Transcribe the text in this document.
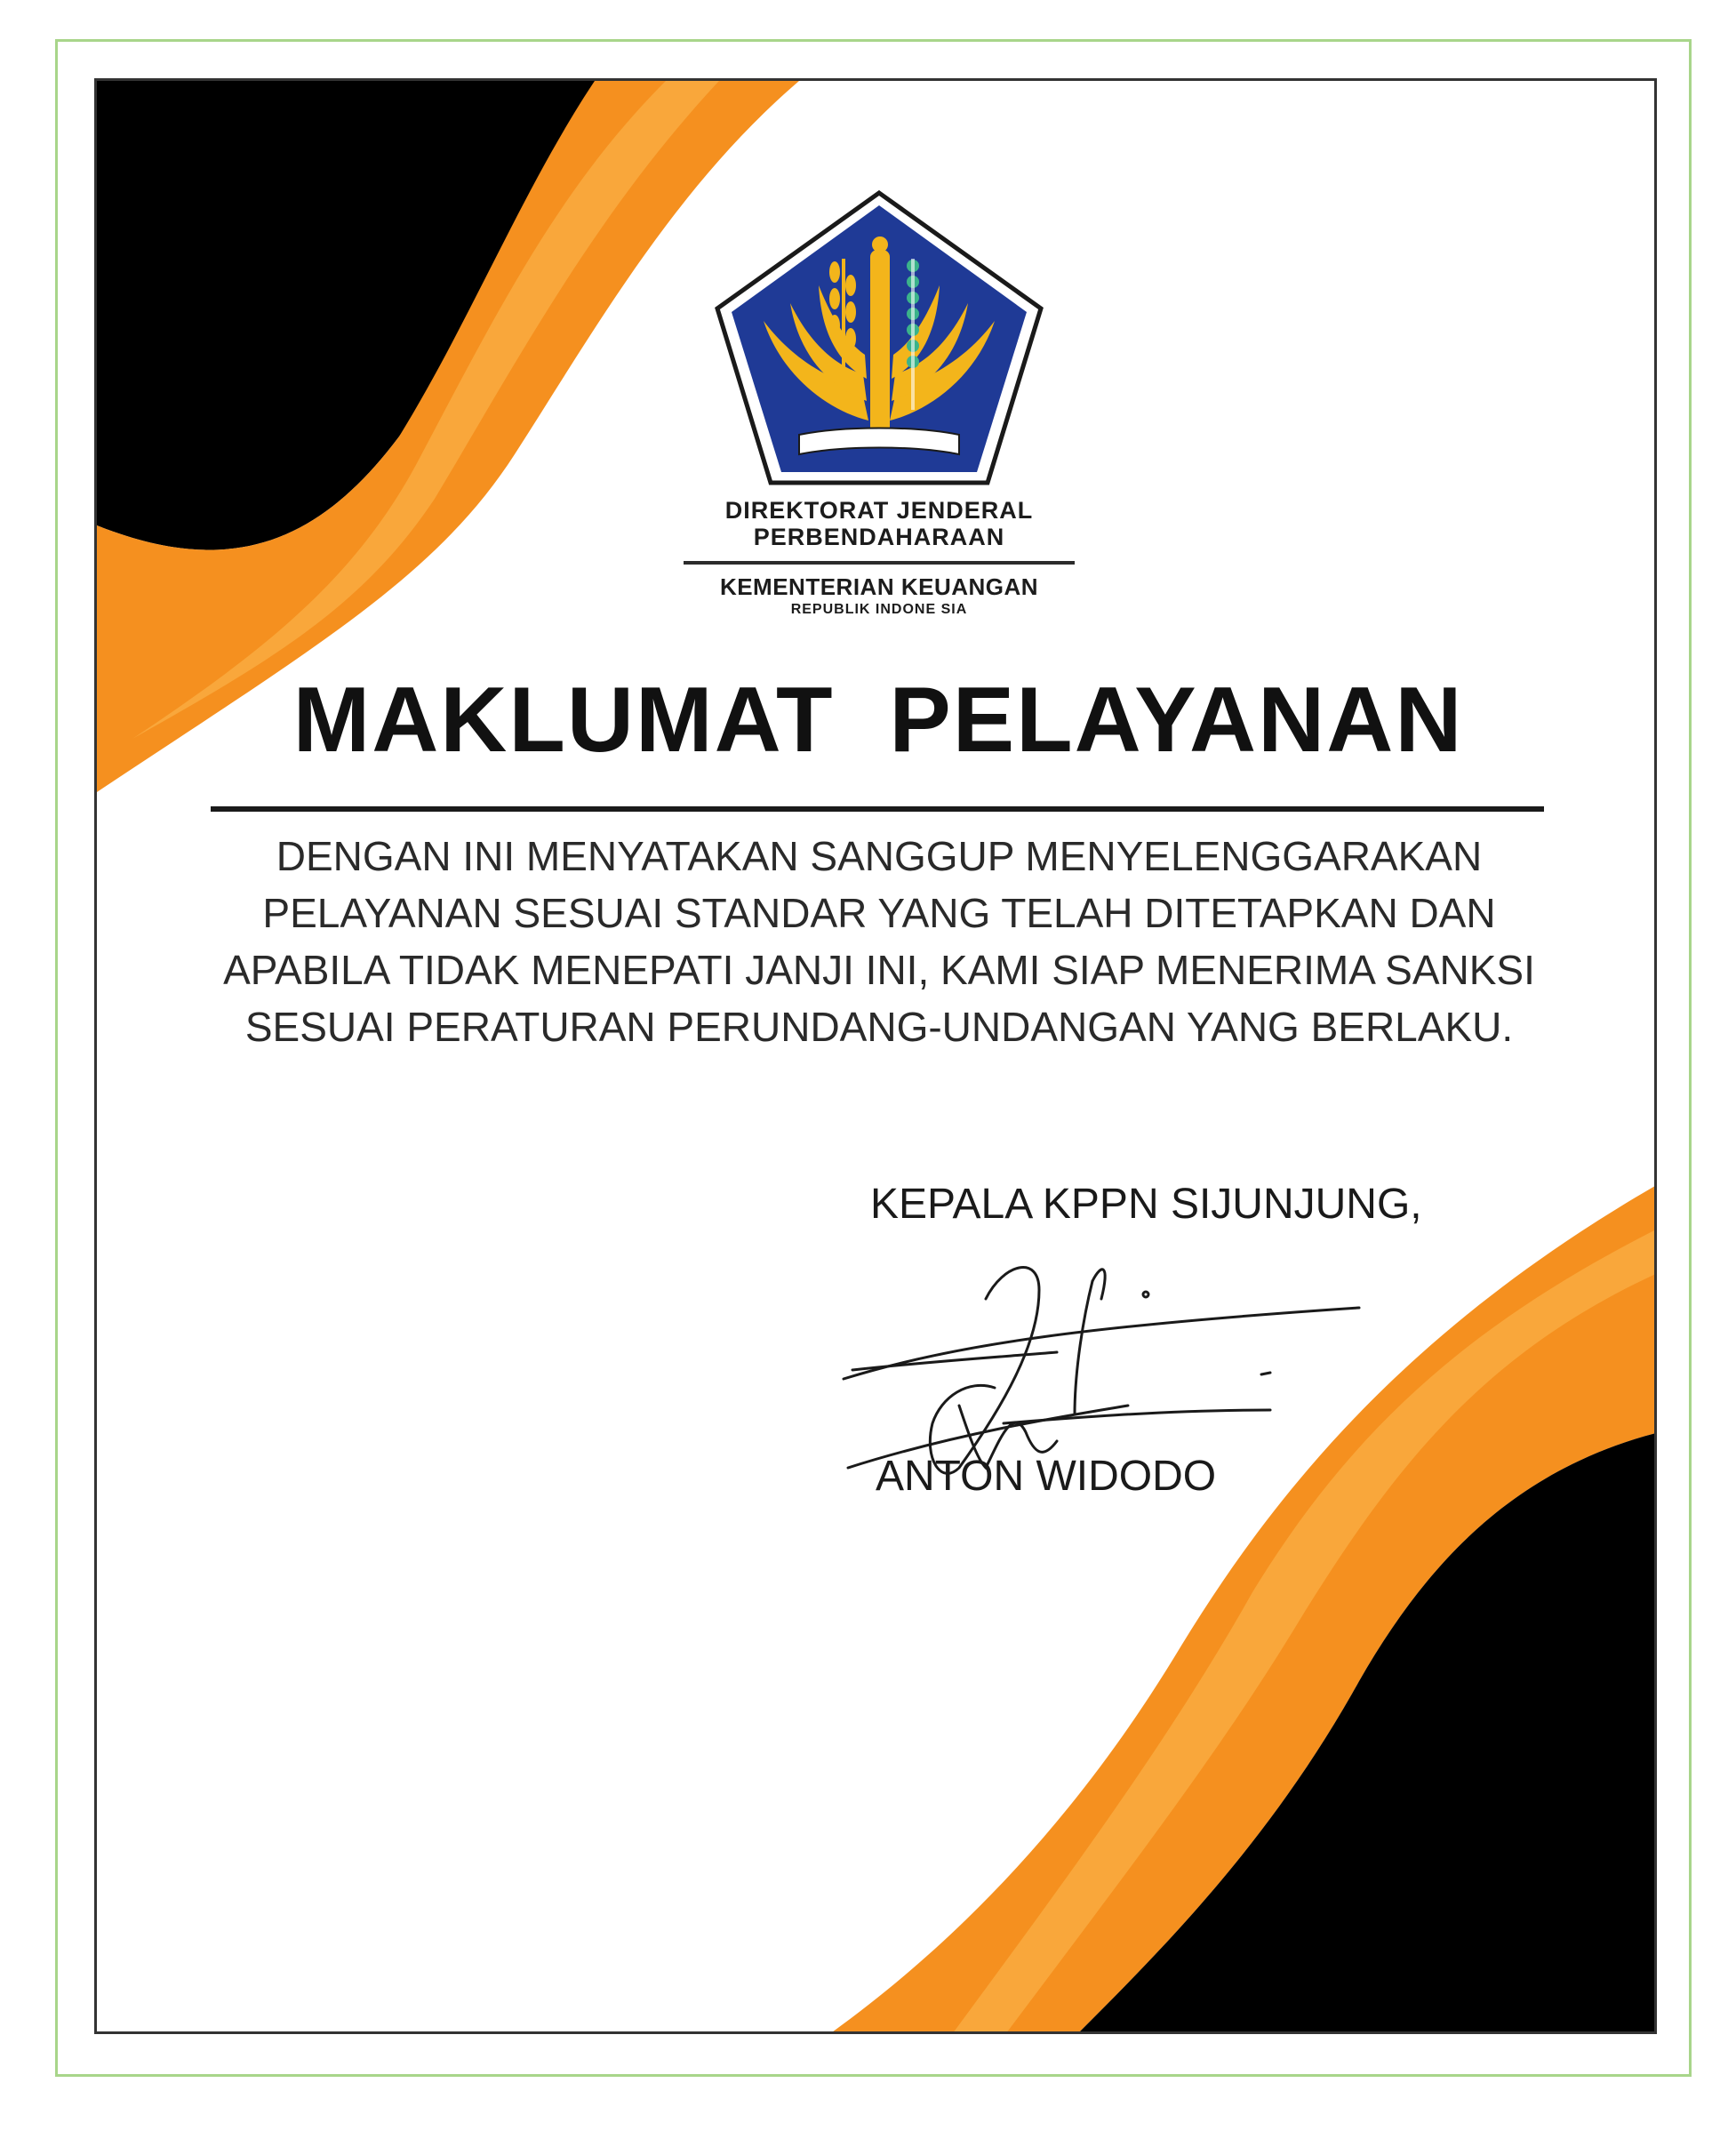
DIREKTORAT JENDERAL
PERBENDAHARAAN
KEMENTERIAN KEUANGAN
REPUBLIK INDONE SIA
MAKLUMAT  PELAYANAN
DENGAN INI MENYATAKAN SANGGUP MENYELENGGARAKAN
PELAYANAN SESUAI STANDAR YANG TELAH DITETAPKAN DAN
APABILA TIDAK MENEPATI JANJI INI, KAMI SIAP MENERIMA SANKSI
SESUAI PERATURAN PERUNDANG-UNDANGAN YANG BERLAKU.
KEPALA KPPN SIJUNJUNG,
ANTON WIDODO
